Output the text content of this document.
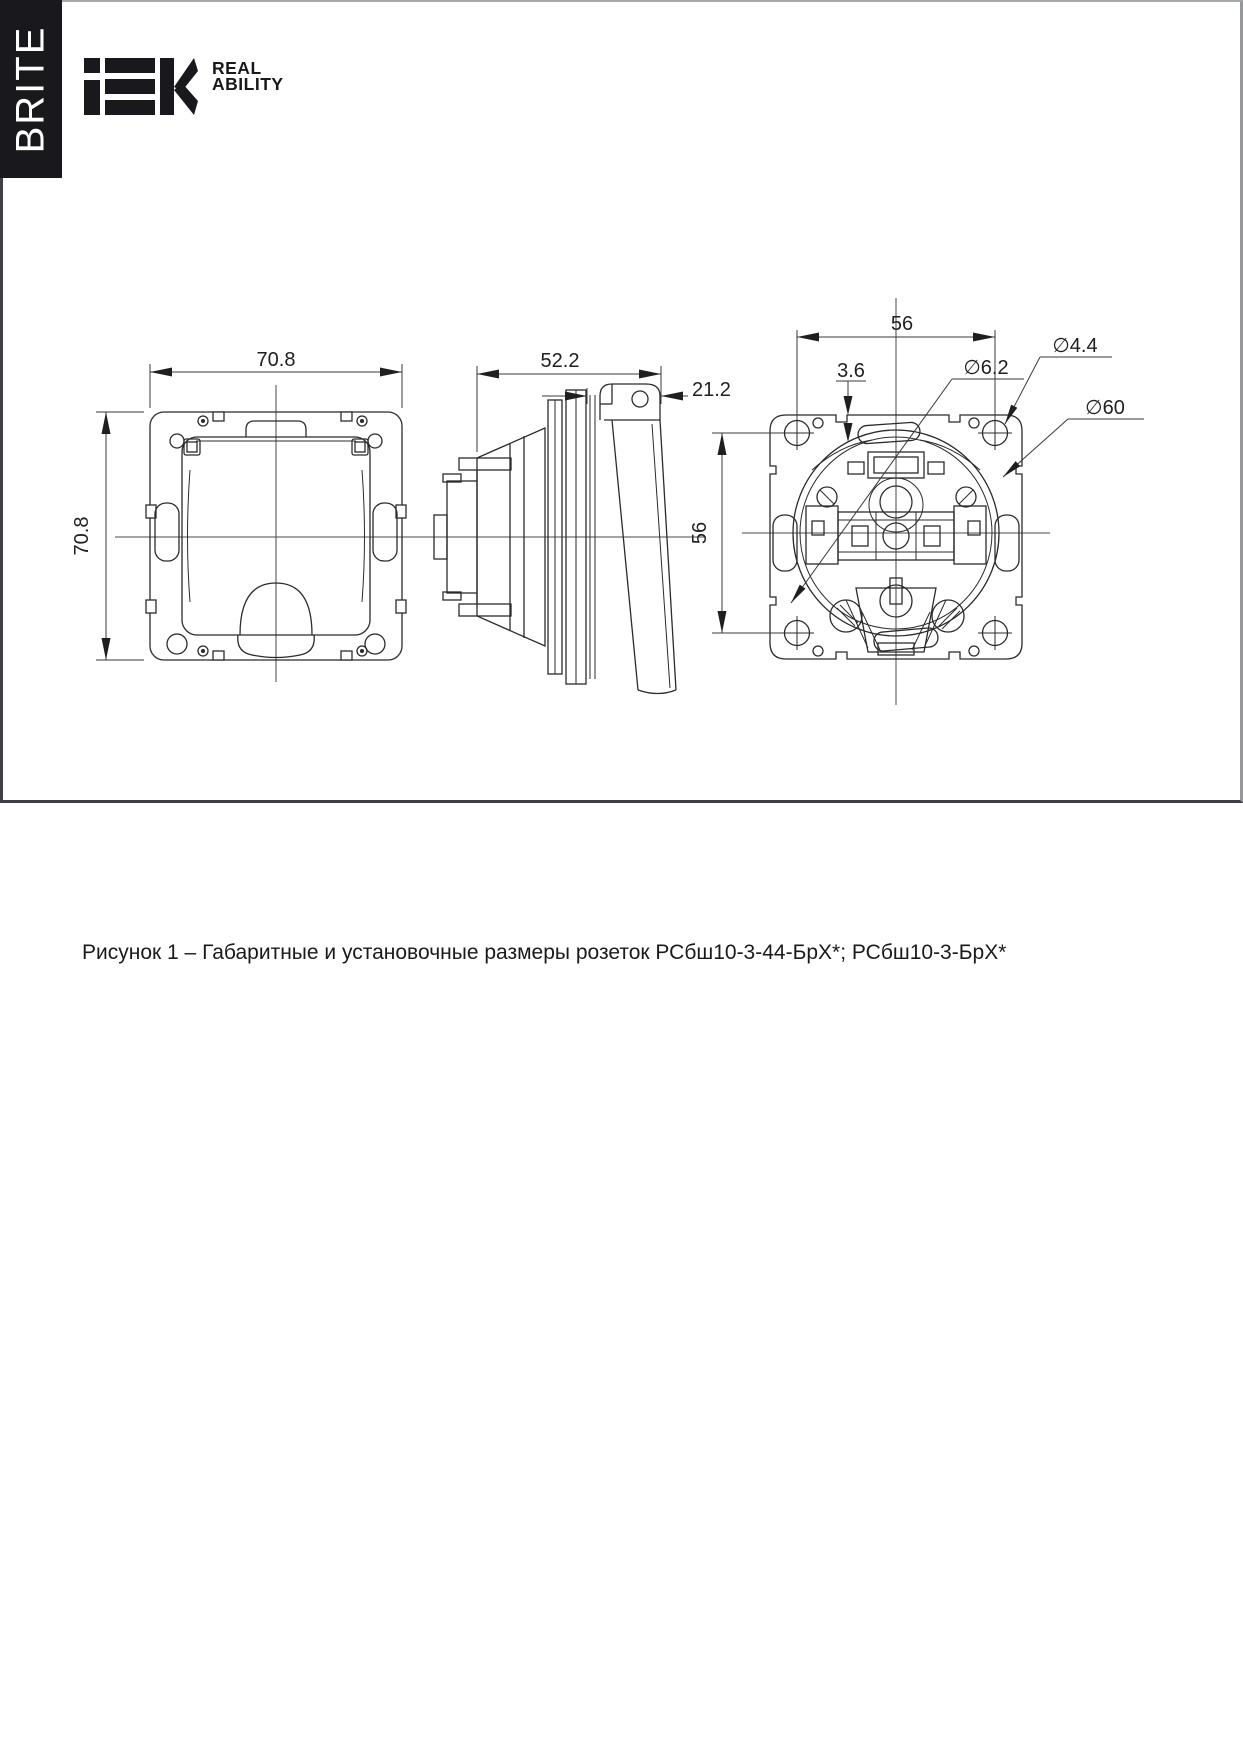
BRITE	REAL
ABILITY
70.8
70.8
52.2
21.2
56
3.6	∅6.2
∅4.4
∅60
56
Рисунок 1 – Габаритные и установочные размеры розеток РСбш10-3-44-БрХ*; РСбш10-3-БрХ*
